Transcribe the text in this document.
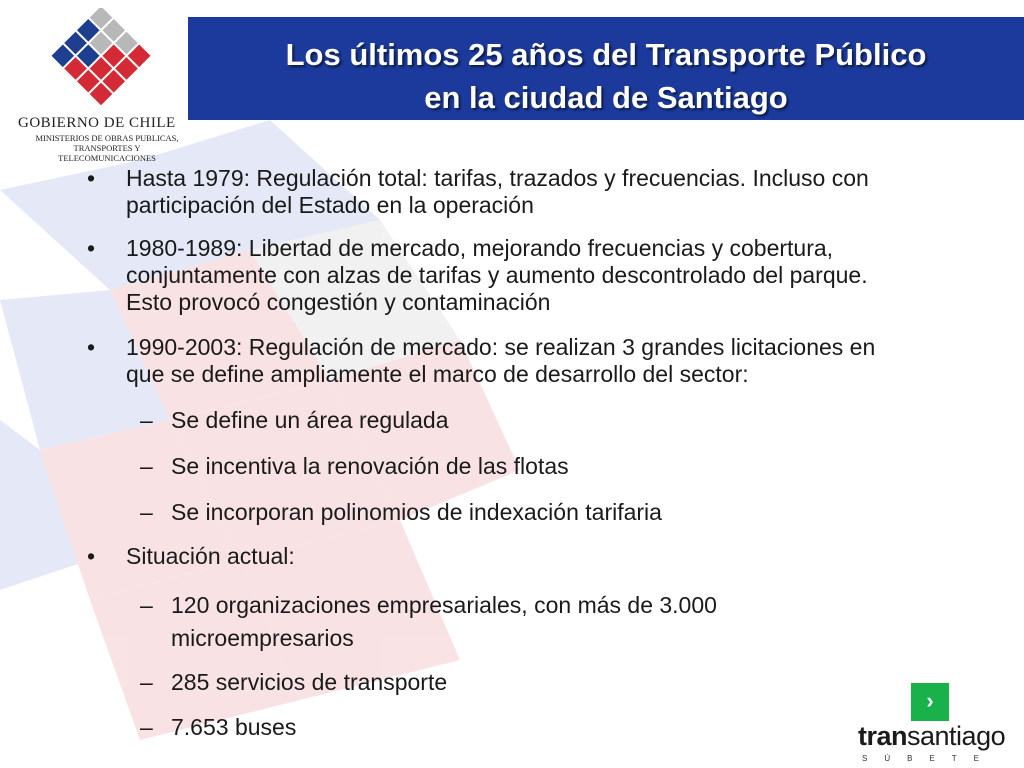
Los últimos 25 años del Transporte Público
en la ciudad de Santiago
GOBIERNO DE CHILE
MINISTERIOS DE OBRAS PUBLICAS,
TRANSPORTES Y
TELECOMUNICACIONES
• Hasta 1979: Regulación total: tarifas, trazados y frecuencias. Incluso con
participación del Estado en la operación
• 1980-1989: Libertad de mercado, mejorando frecuencias y cobertura,
conjuntamente con alzas de tarifas y aumento descontrolado del parque.
Esto provocó congestión y contaminación
• 1990-2003: Regulación de mercado: se realizan 3 grandes licitaciones en
que se define ampliamente el marco de desarrollo del sector:
– Se define un área regulada
– Se incentiva la renovación de las flotas
– Se incorporan polinomios de indexación tarifaria
• Situación actual:
– 120 organizaciones empresariales, con más de 3.000
microempresarios
– 285 servicios de transporte
– 7.653 buses
›
transantiago
SÚBETE
